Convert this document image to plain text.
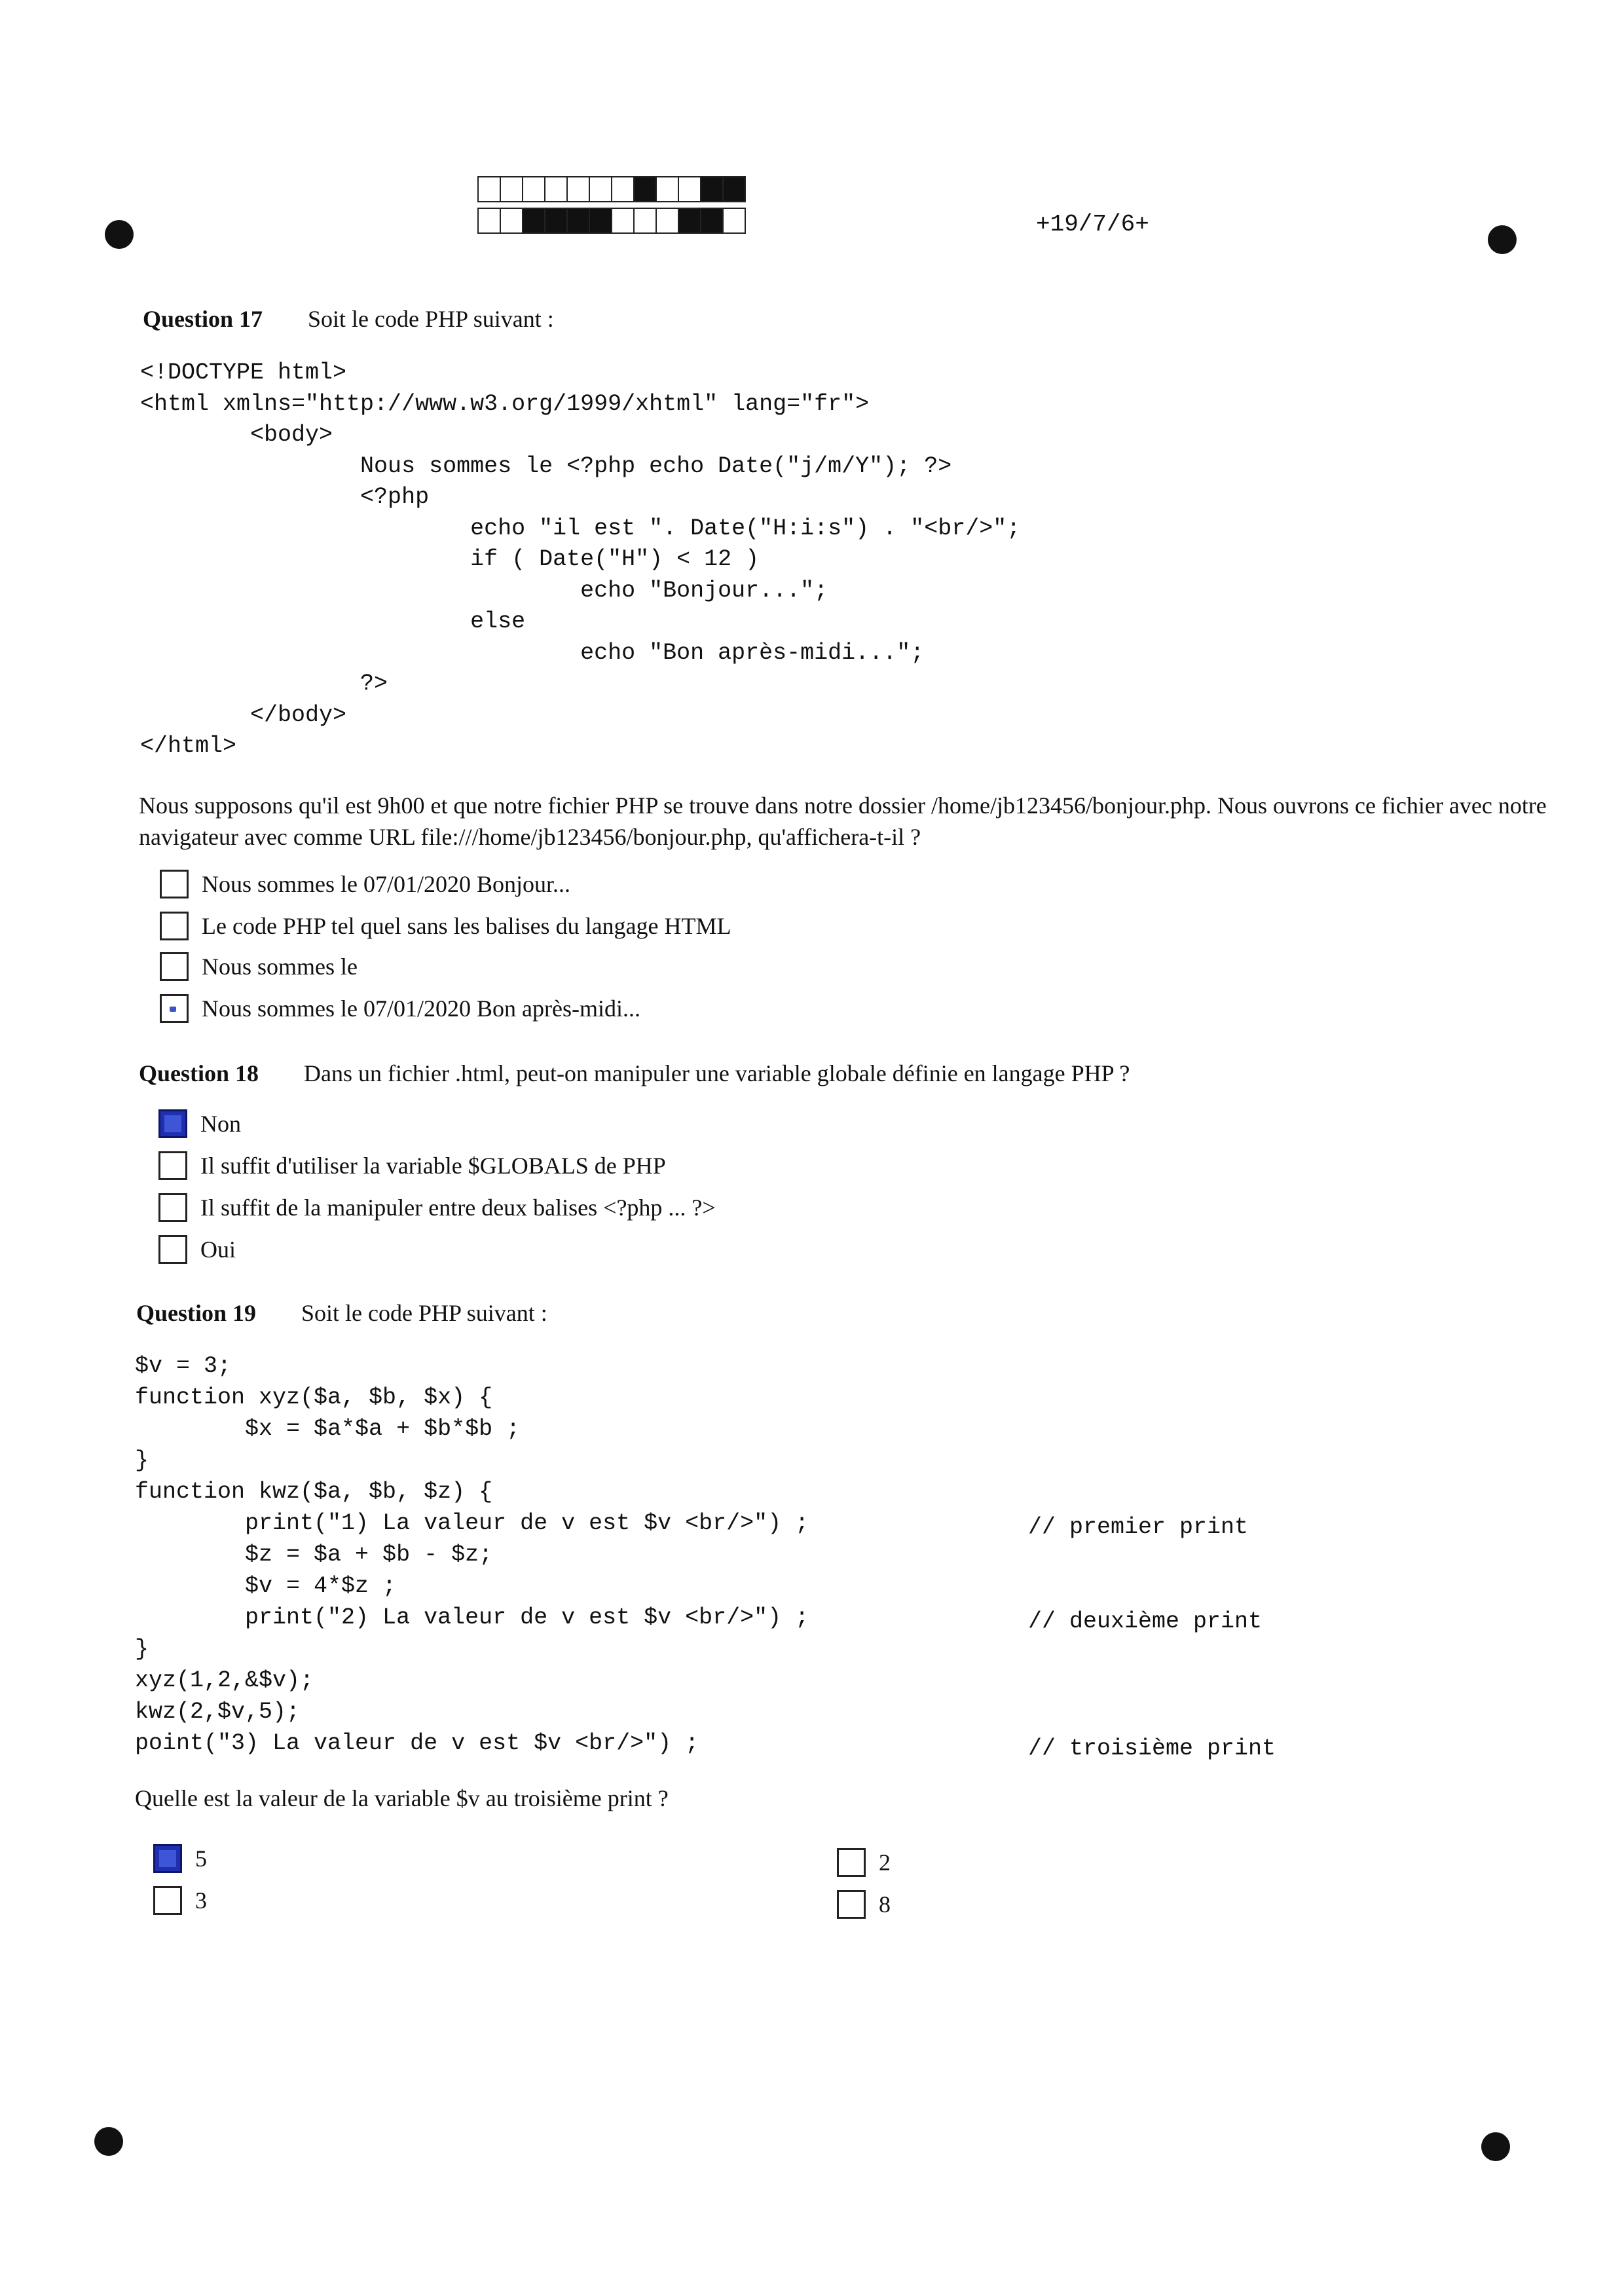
+19/7/6+
Question 17 Soit le code PHP suivant :
<!DOCTYPE html>
<html xmlns="http://www.w3.org/1999/xhtml" lang="fr">
<body>
Nous sommes le <?php echo Date("j/m/Y"); ?>
<?php
echo "il est ". Date("H:i:s") . "<br/>";
if ( Date("H") < 12 )
echo "Bonjour...";
else
echo "Bon après-midi...";
?>
</body>
</html>
Nous supposons qu'il est 9h00 et que notre fichier PHP se trouve dans notre dossier /home/jb123456/bonjour.php. Nous ouvrons ce fichier avec notre navigateur avec comme URL file:///home/jb123456/bonjour.php, qu'affichera-t-il ?
Nous sommes le 07/01/2020 Bonjour...
Le code PHP tel quel sans les balises du langage HTML
Nous sommes le
Nous sommes le 07/01/2020 Bon après-midi...
Question 18 Dans un fichier .html, peut-on manipuler une variable globale définie en langage PHP ?
Non
Il suffit d'utiliser la variable $GLOBALS de PHP
Il suffit de la manipuler entre deux balises <?php ... ?>
Oui
Question 19 Soit le code PHP suivant :
$v = 3;
function xyz($a, $b, $x) {
$x = $a*$a + $b*$b ;
}
function kwz($a, $b, $z) {
print("1) La valeur de v est $v <br/>") ;
$z = $a + $b - $z;
$v = 4*$z ;
print("2) La valeur de v est $v <br/>") ;
}
xyz(1,2,&$v);
kwz(2,$v,5);
point("3) La valeur de v est $v <br/>") ;
// premier print
// deuxième print
// troisième print
Quelle est la valeur de la variable $v au troisième print ?
5
3
2
8
